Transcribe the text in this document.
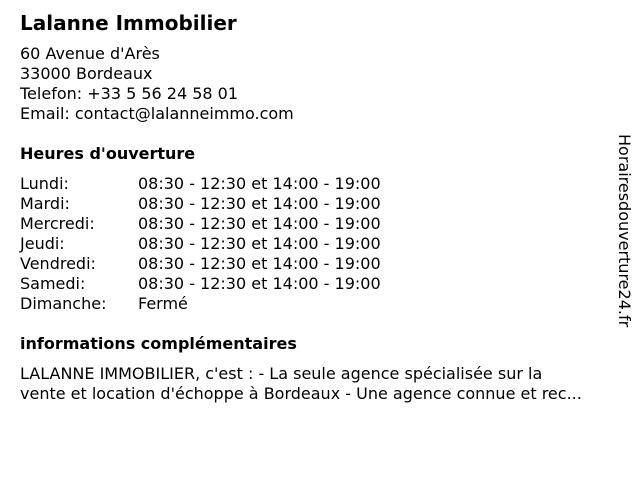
Lalanne Immobilier
60 Avenue d'Arès
33000 Bordeaux
Telefon: +33 5 56 24 58 01
Email: contact@lalanneimmo.com
Heures d'ouverture
Lundi:	08:30 - 12:30 et 14:00 - 19:00
Mardi:	08:30 - 12:30 et 14:00 - 19:00
Mercredi:	08:30 - 12:30 et 14:00 - 19:00
Jeudi:	08:30 - 12:30 et 14:00 - 19:00
Vendredi:	08:30 - 12:30 et 14:00 - 19:00
Samedi:	08:30 - 12:30 et 14:00 - 19:00
Dimanche:	Fermé
informations complémentaires
LALANNE IMMOBILIER, c'est : - La seule agence spécialisée sur la
vente et location d'échoppe à Bordeaux - Une agence connue et rec...
Horairesdouverture24.fr
